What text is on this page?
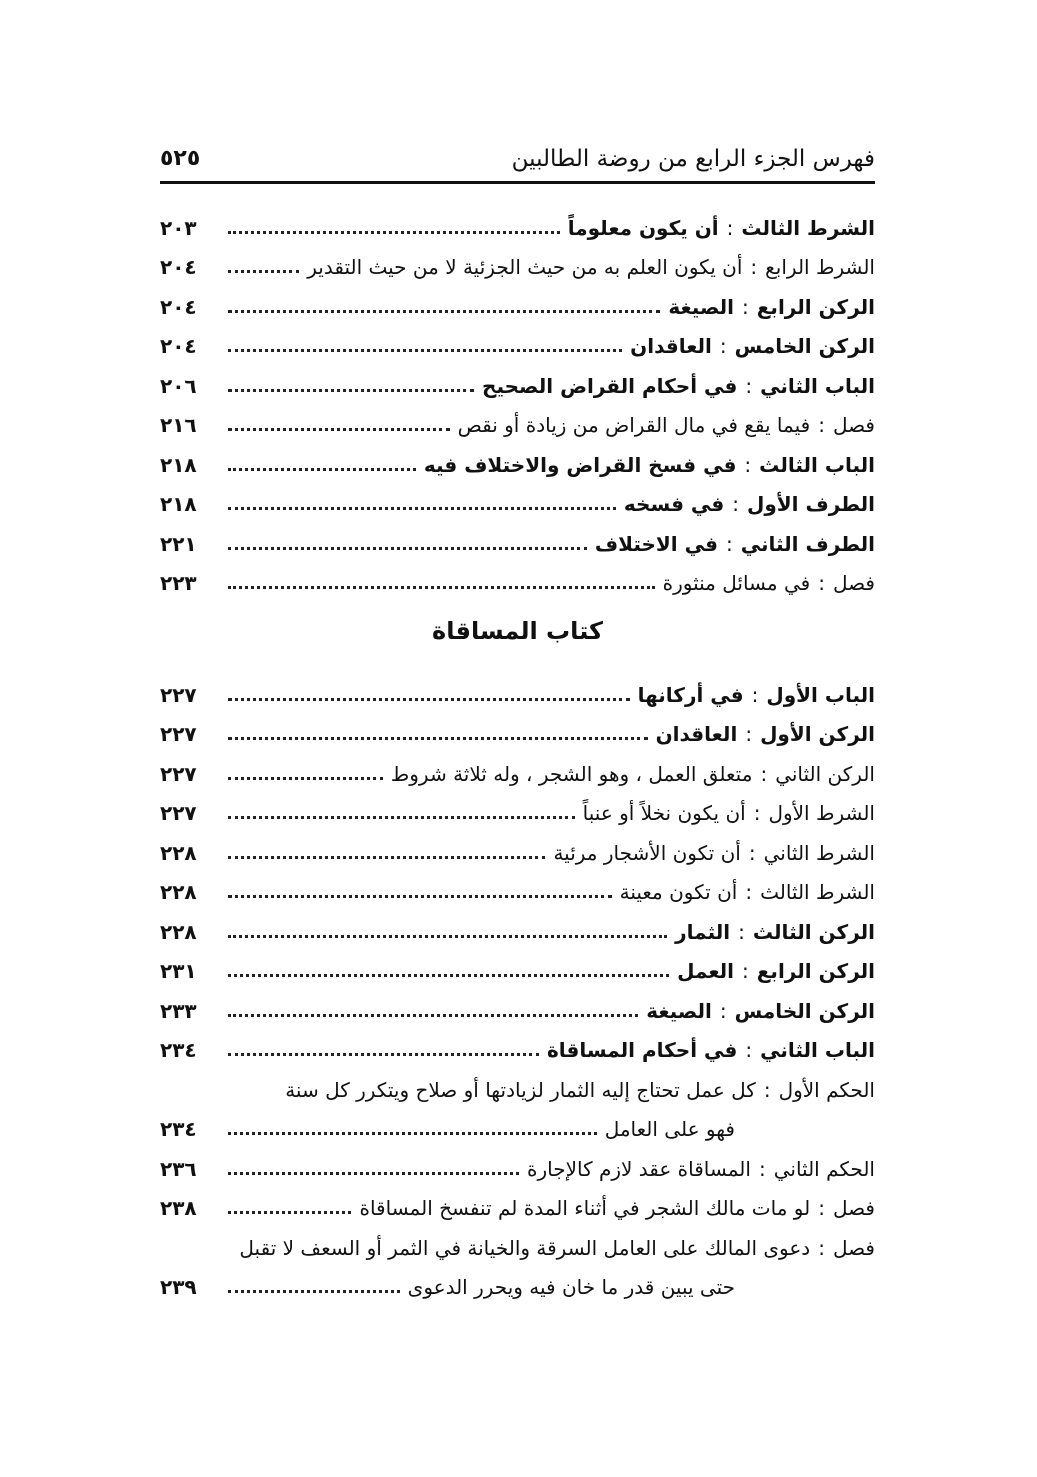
فهرس الجزء الرابع من روضة الطالبين
٥٢٥
الشرط الثالث
:
أن يكون معلوماً
٢٠٣
الشرط الرابع
:
أن يكون العلم به من حيث الجزئية لا من حيث التقدير
٢٠٤
الركن الرابع
:
الصيغة
٢٠٤
الركن الخامس
:
العاقدان
٢٠٤
الباب الثاني
:
في أحكام القراض الصحيح
٢٠٦
فصل
:
فيما يقع في مال القراض من زيادة أو نقص
٢١٦
الباب الثالث
:
في فسخ القراض والاختلاف فيه
٢١٨
الطرف الأول
:
في فسخه
٢١٨
الطرف الثاني
:
في الاختلاف
٢٢١
فصل
:
في مسائل منثورة
٢٢٣
كتاب المساقاة
الباب الأول
:
في أركانها
٢٢٧
الركن الأول
:
العاقدان
٢٢٧
الركن الثاني
:
متعلق العمل ، وهو الشجر ، وله ثلاثة شروط
٢٢٧
الشرط الأول
:
أن يكون نخلاً أو عنباً
٢٢٧
الشرط الثاني
:
أن تكون الأشجار مرئية
٢٢٨
الشرط الثالث
:
أن تكون معينة
٢٢٨
الركن الثالث
:
الثمار
٢٢٨
الركن الرابع
:
العمل
٢٣١
الركن الخامس
:
الصيغة
٢٣٣
الباب الثاني
:
في أحكام المساقاة
٢٣٤
الحكم الأول
:
كل عمل تحتاج إليه الثمار لزيادتها أو صلاح ويتكرر كل سنة
فهو على العامل
٢٣٤
الحكم الثاني
:
المساقاة عقد لازم كالإجارة
٢٣٦
فصل
:
لو مات مالك الشجر في أثناء المدة لم تنفسخ المساقاة
٢٣٨
فصل
:
دعوى المالك على العامل السرقة والخيانة في الثمر أو السعف لا تقبل
حتى يبين قدر ما خان فيه ويحرر الدعوى
٢٣٩
